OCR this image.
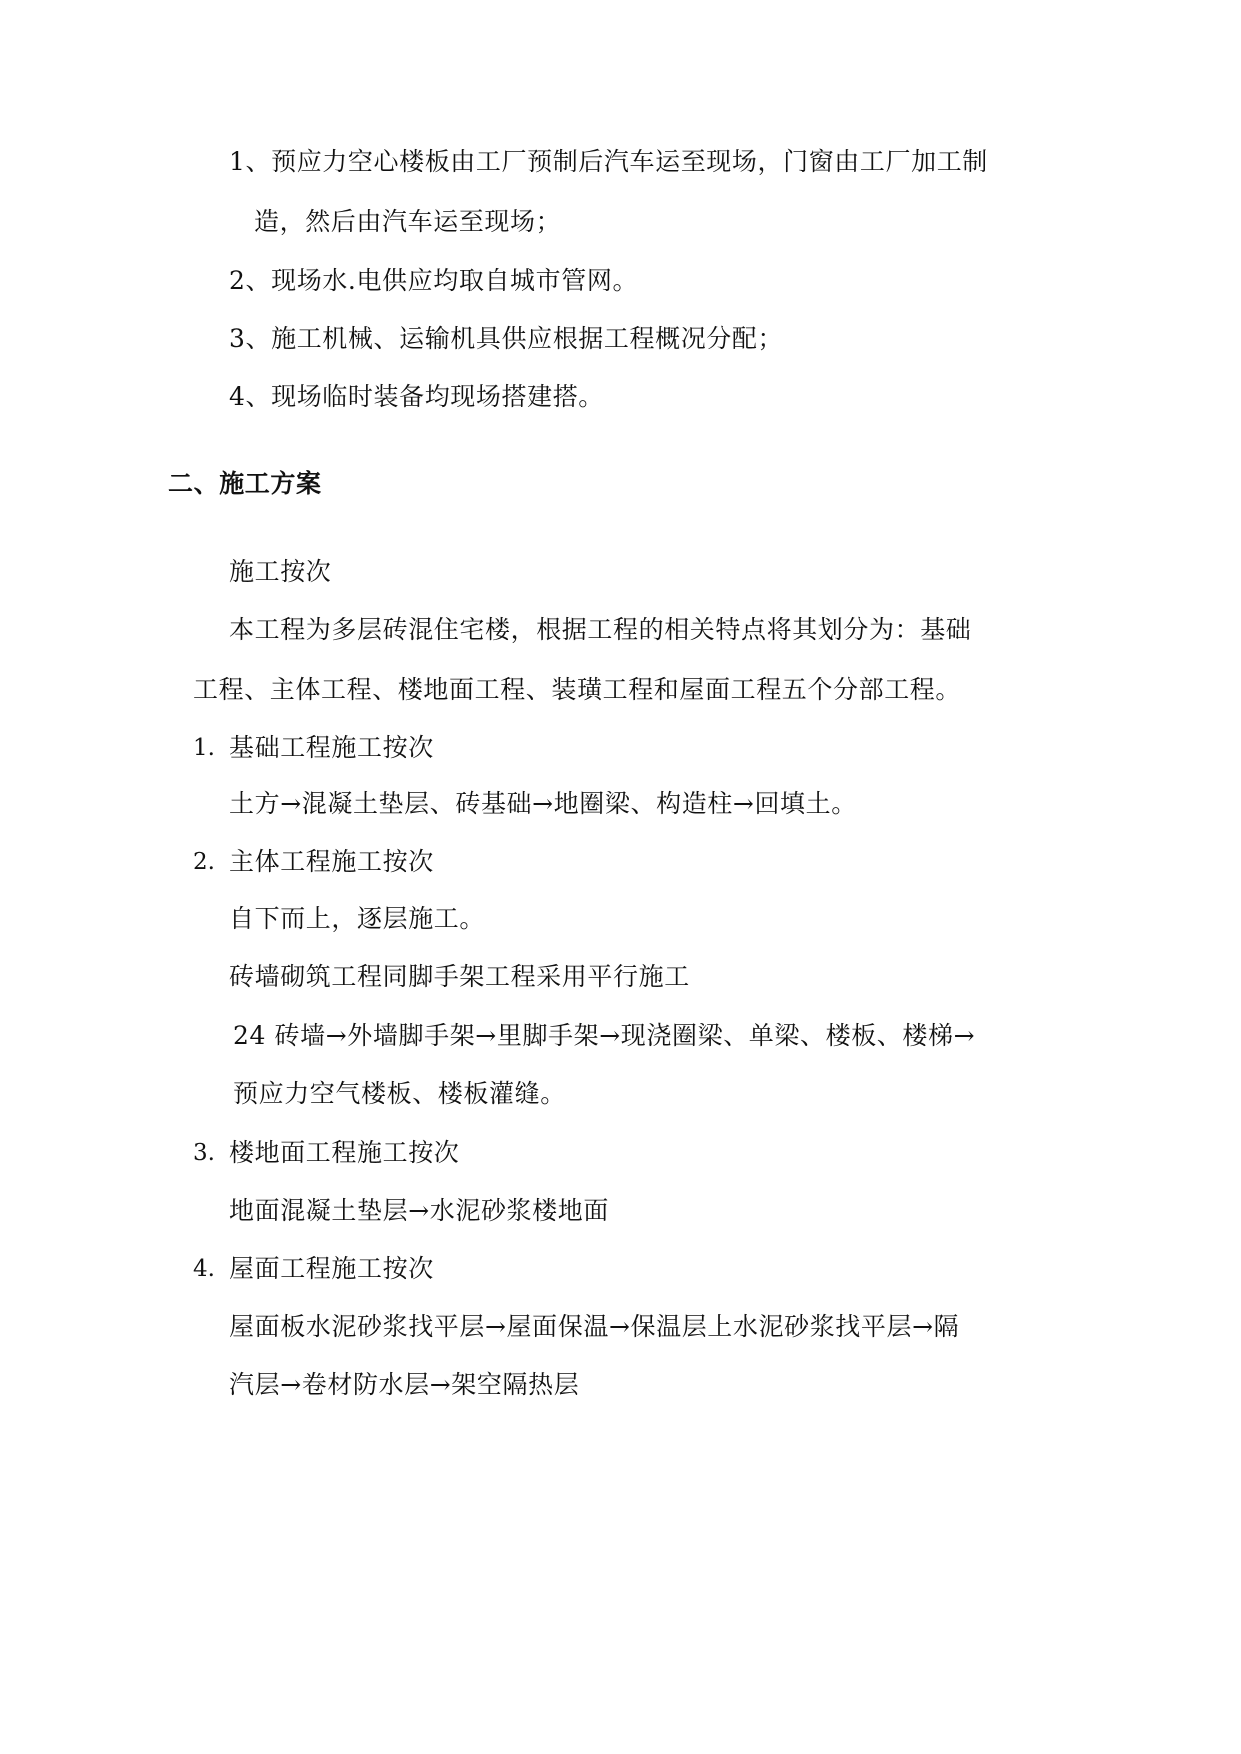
1、预应力空心楼板由工厂预制后汽车运至现场，门窗由工厂加工制
造，然后由汽车运至现场；
2、现场水.电供应均取自城市管网。
3、施工机械、运输机具供应根据工程概况分配；
4、现场临时装备均现场搭建搭。
二、施工方案
施工按次
本工程为多层砖混住宅楼，根据工程的相关特点将其划分为：基础
工程、主体工程、楼地面工程、装璜工程和屋面工程五个分部工程。
1. 基础工程施工按次
土方→混凝土垫层、砖基础→地圈梁、构造柱→回填土。
2. 主体工程施工按次
自下而上，逐层施工。
砖墙砌筑工程同脚手架工程采用平行施工
24 砖墙→外墙脚手架→里脚手架→现浇圈梁、单梁、楼板、楼梯→
预应力空气楼板、楼板灌缝。
3. 楼地面工程施工按次
地面混凝土垫层→水泥砂浆楼地面
4. 屋面工程施工按次
屋面板水泥砂浆找平层→屋面保温→保温层上水泥砂浆找平层→隔
汽层→卷材防水层→架空隔热层
